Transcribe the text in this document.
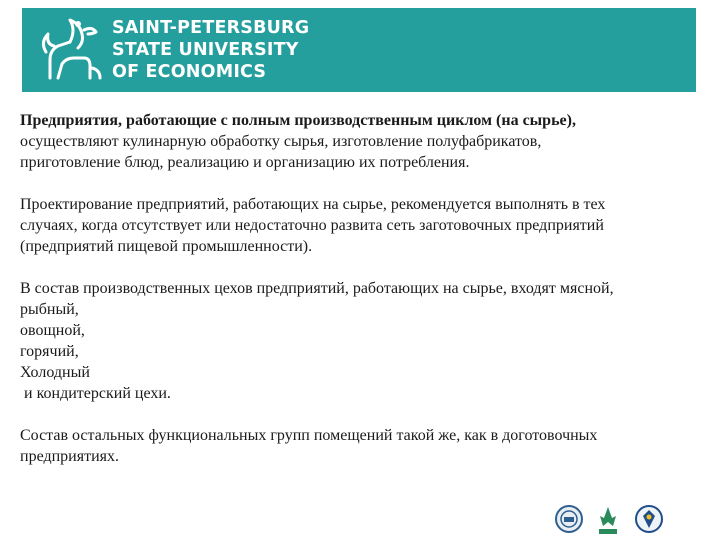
SAINT-PETERSBURG
STATE UNIVERSITY
OF ECONOMICS

Предприятия, работающие с полным производственным циклом (на сырье),
осуществляют кулинарную обработку сырья, изготовление полуфабрикатов,
приготовление блюд, реализацию и организацию их потребления.

Проектирование предприятий, работающих на сырье, рекомендуется выполнять в тех
случаях, когда отсутствует или недостаточно развита сеть заготовочных предприятий
(предприятий пищевой промышленности).

В состав производственных цехов предприятий, работающих на сырье, входят мясной,
рыбный,
овощной,
горячий,
Холодный
и кондитерский цехи.

Состав остальных функциональных групп помещений такой же, как в доготовочных
предприятиях.
